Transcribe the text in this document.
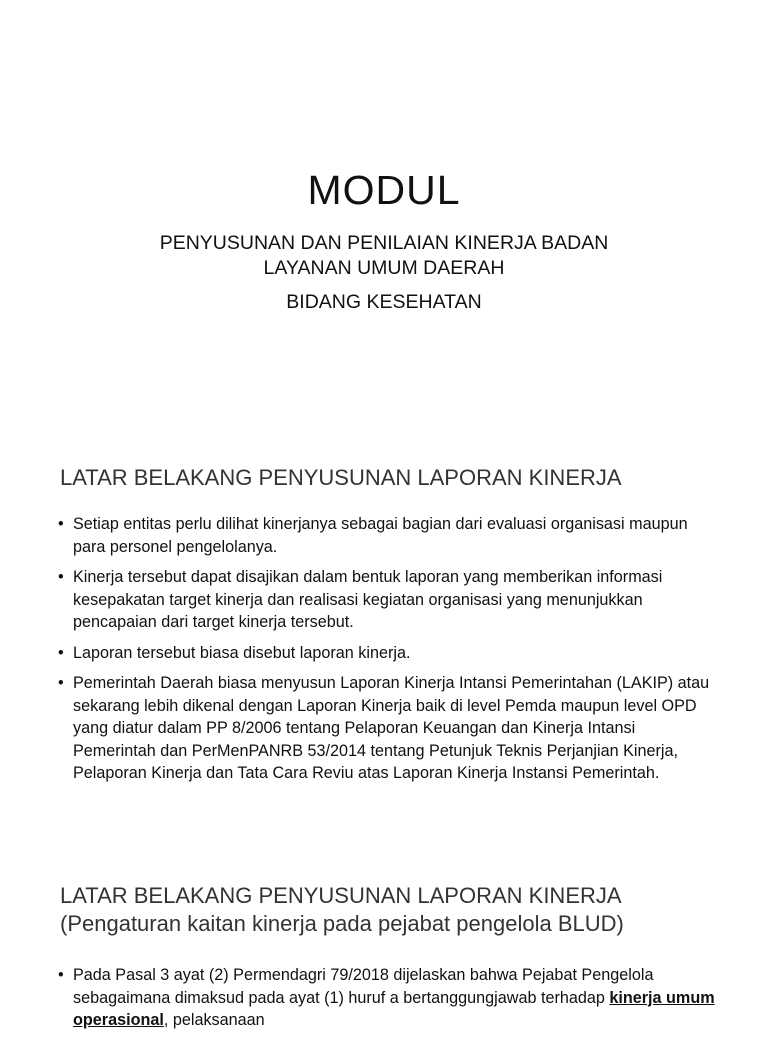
MODUL
PENYUSUNAN DAN PENILAIAN KINERJA BADAN
LAYANAN UMUM DAERAH
BIDANG KESEHATAN
LATAR BELAKANG PENYUSUNAN LAPORAN KINERJA
• Setiap entitas perlu dilihat kinerjanya sebagai bagian dari evaluasi organisasi maupun para personel pengelolanya.
• Kinerja tersebut dapat disajikan dalam bentuk laporan yang memberikan informasi kesepakatan target kinerja dan realisasi kegiatan organisasi yang menunjukkan pencapaian dari target kinerja tersebut.
• Laporan tersebut biasa disebut laporan kinerja.
• Pemerintah Daerah biasa menyusun Laporan Kinerja Intansi Pemerintahan (LAKIP) atau sekarang lebih dikenal dengan Laporan Kinerja baik di level Pemda maupun level OPD yang diatur dalam PP 8/2006 tentang Pelaporan Keuangan dan Kinerja Intansi Pemerintah dan PerMenPANRB 53/2014 tentang Petunjuk Teknis Perjanjian Kinerja, Pelaporan Kinerja dan Tata Cara Reviu atas Laporan Kinerja Instansi Pemerintah.
LATAR BELAKANG PENYUSUNAN LAPORAN KINERJA
(Pengaturan kaitan kinerja pada pejabat pengelola BLUD)
• Pada Pasal 3 ayat (2) Permendagri 79/2018 dijelaskan bahwa Pejabat Pengelola sebagaimana dimaksud pada ayat (1) huruf a bertanggungjawab terhadap kinerja umum operasional, pelaksanaan
